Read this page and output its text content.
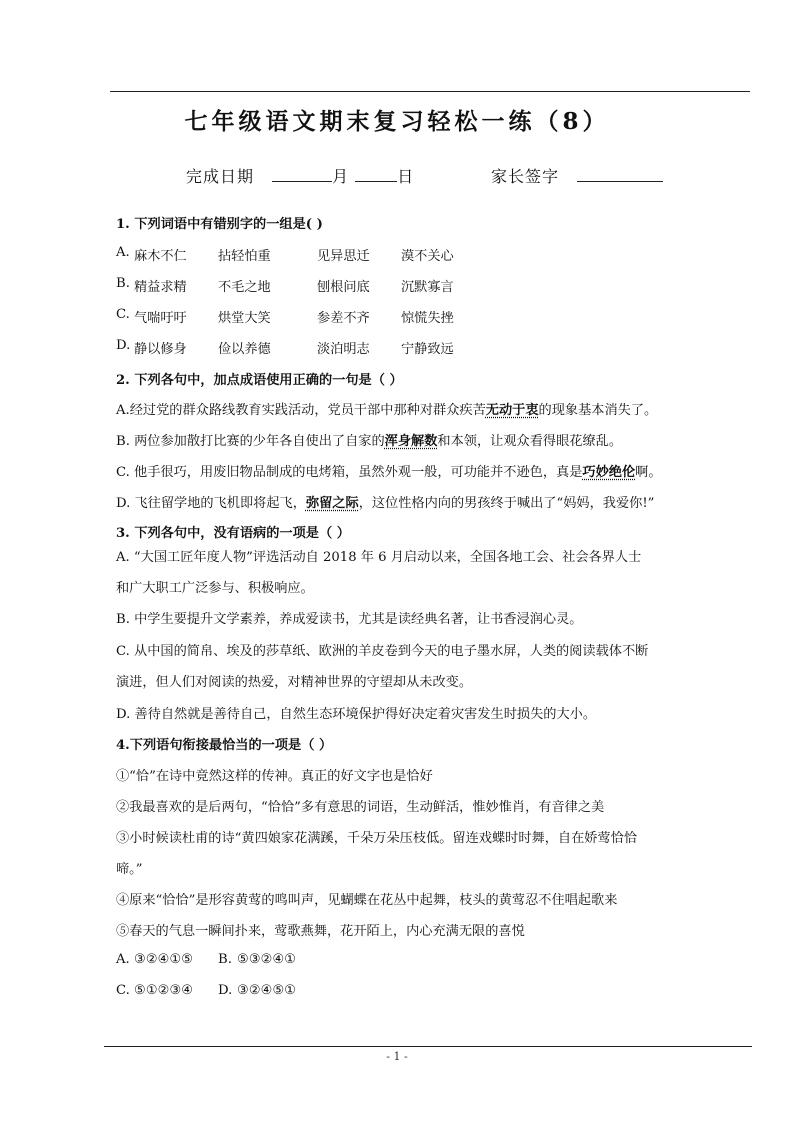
七年级语文期末复习轻松一练（8）
完成日期	月	日	家长签字
1. 下列词语中有错别字的一组是( )
A. 麻木不仁 拈轻怕重	见异思迁 漠不关心
B. 精益求精 不毛之地	刨根问底 沉默寡言
C. 气喘吁吁 烘堂大笑	参差不齐 惊慌失挫
D. 静以修身 俭以养德	淡泊明志 宁静致远
2. 下列各句中，加点成语使用正确的一句是（ ）
A.经过党的群众路线教育实践活动，党员干部中那种对群众疾苦无动于衷的现象基本消失了。
B. 两位参加散打比赛的少年各自使出了自家的浑身解数和本领，让观众看得眼花缭乱。
C. 他手很巧，用废旧物品制成的电烤箱，虽然外观一般，可功能并不逊色，真是巧妙绝伦啊。
D. 飞往留学地的飞机即将起飞，弥留之际，这位性格内向的男孩终于喊出了“妈妈，我爱你!”
3. 下列各句中，没有语病的一项是（ ）
A. “大国工匠年度人物”评选活动自 2018 年 6 月启动以来，全国各地工会、社会各界人士
和广大职工广泛参与、积极响应。
B. 中学生要提升文学素养，养成爱读书，尤其是读经典名著，让书香浸润心灵。
C. 从中国的简帛、埃及的莎草纸、欧洲的羊皮卷到今天的电子墨水屏，人类的阅读载体不断
演进，但人们对阅读的热爱，对精神世界的守望却从未改变。
D. 善待自然就是善待自己，自然生态环境保护得好决定着灾害发生时损失的大小。
4.下列语句衔接最恰当的一项是（ ）
①“恰”在诗中竟然这样的传神。真正的好文字也是恰好
②我最喜欢的是后两句，“恰恰”多有意思的词语，生动鲜活，惟妙惟肖，有音律之美
③小时候读杜甫的诗“黄四娘家花满蹊，千朵万朵压枝低。留连戏蝶时时舞，自在娇莺恰恰
啼。”
④原来“恰恰”是形容黄莺的鸣叫声，见蝴蝶在花丛中起舞，枝头的黄莺忍不住唱起歌来
⑤春天的气息一瞬间扑来，莺歌燕舞，花开陌上，内心充满无限的喜悦
A. ③②④①⑤ B. ⑤③②④①
C. ⑤①②③④ D. ③②④⑤①
- 1 -
